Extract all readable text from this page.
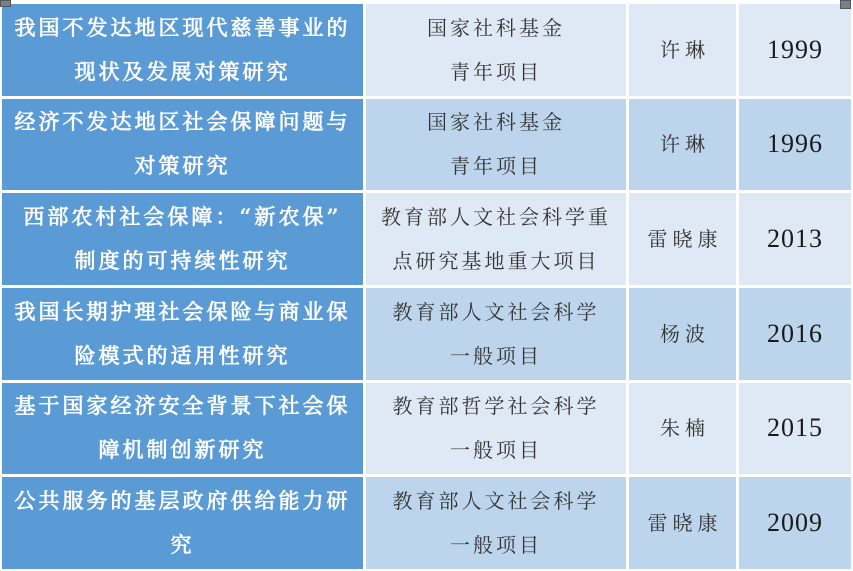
我国不发达地区现代慈善事业的
现状及发展对策研究
国家社科基金
青年项目
许琳 1999
经济不发达地区社会保障问题与
对策研究
国家社科基金
青年项目
许琳 1996
西部农村社会保障：“新农保”
制度的可持续性研究
教育部人文社会科学重
点研究基地重大项目
雷晓康 2013
我国长期护理社会保险与商业保
险模式的适用性研究
教育部人文社会科学
一般项目
杨波 2016
基于国家经济安全背景下社会保
障机制创新研究
教育部哲学社会科学
一般项目
朱楠 2015
公共服务的基层政府供给能力研
究
教育部人文社会科学
一般项目
雷晓康 2009
